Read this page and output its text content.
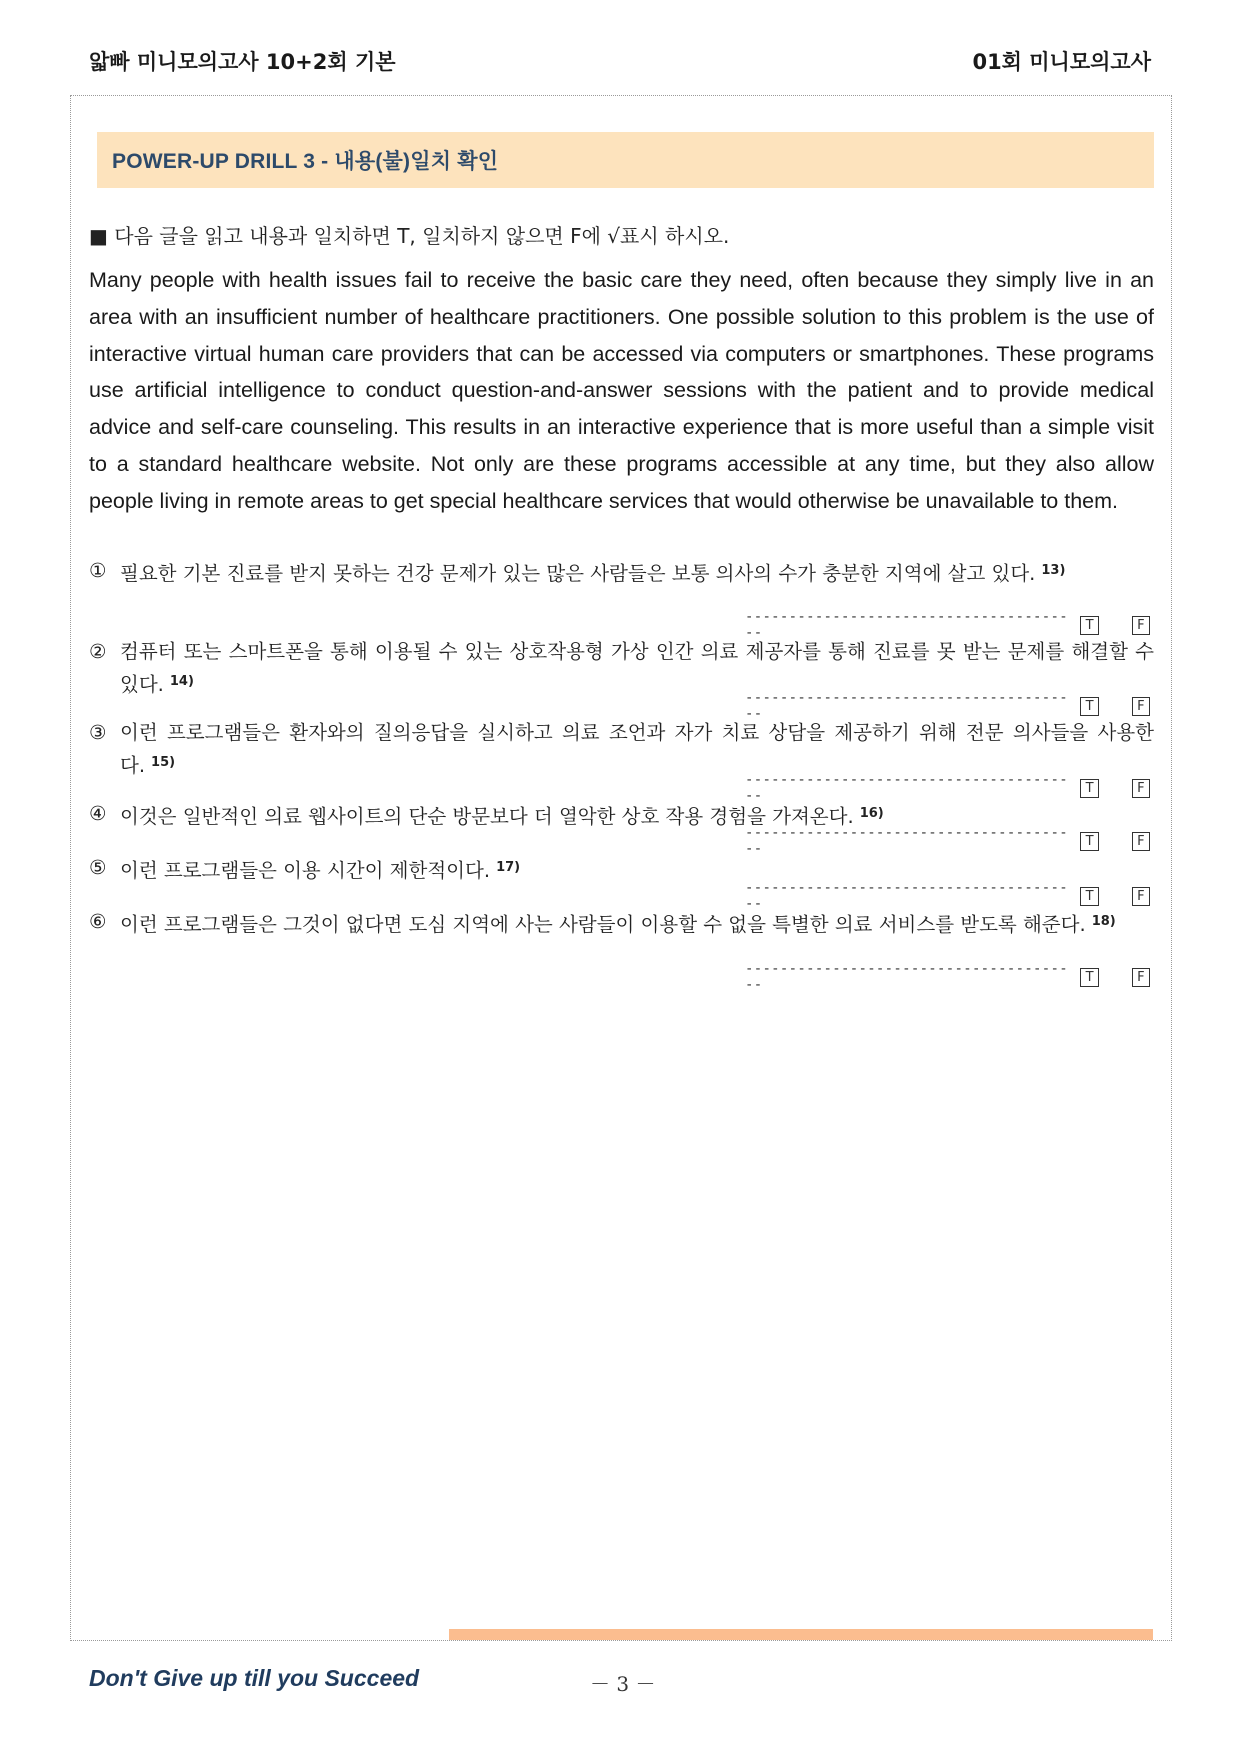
앏빠 미니모의고사 10+2회 기본	01회 미니모의고사
POWER-UP DRILL 3 - 내용(불)일치 확인
■ 다음 글을 읽고 내용과 일치하면 T, 일치하지 않으면 F에 √표시 하시오.

Many people with health issues fail to receive the basic care they need, often because they simply live in an area with an insufficient number of healthcare practitioners. One possible solution to this problem is the use of interactive virtual human care providers that can be accessed via computers or smartphones. These programs use artificial intelligence to conduct question-and-answer sessions with the patient and to provide medical advice and self-care counseling. This results in an interactive experience that is more useful than a simple visit to a standard healthcare website. Not only are these programs accessible at any time, but they also allow people living in remote areas to get special healthcare services that would otherwise be unavailable to them.

① 필요한 기본 진료를 받지 못하는 건강 문제가 있는 많은 사람들은 보통 의사의 수가 충분한 지역에 살고 있다. $^{13)}$
---------------------------------------	T	F
② 컴퓨터 또는 스마트폰을 통해 이용될 수 있는 상호작용형 가상 인간 의료 제공자를 통해 진료를 못 받는 문제를 해결할 수 있다. $^{14)}$
---------------------------------------	T	F
③ 이런 프로그램들은 환자와의 질의응답을 실시하고 의료 조언과 자가 치료 상담을 제공하기 위해 전문 의사들을 사용한다. $^{15)}$
---------------------------------------	T	F
④ 이것은 일반적인 의료 웹사이트의 단순 방문보다 더 열악한 상호 작용 경험을 가져온다. $^{16)}$
---------------------------------------	T	F
⑤ 이런 프로그램들은 이용 시간이 제한적이다. $^{17)}$
---------------------------------------	T	F
⑥ 이런 프로그램들은 그것이 없다면 도심 지역에 사는 사람들이 이용할 수 없을 특별한 의료 서비스를 받도록 해준다. $^{18)}$
---------------------------------------	T	F
Don't Give up till you Succeed	－ 3 －
